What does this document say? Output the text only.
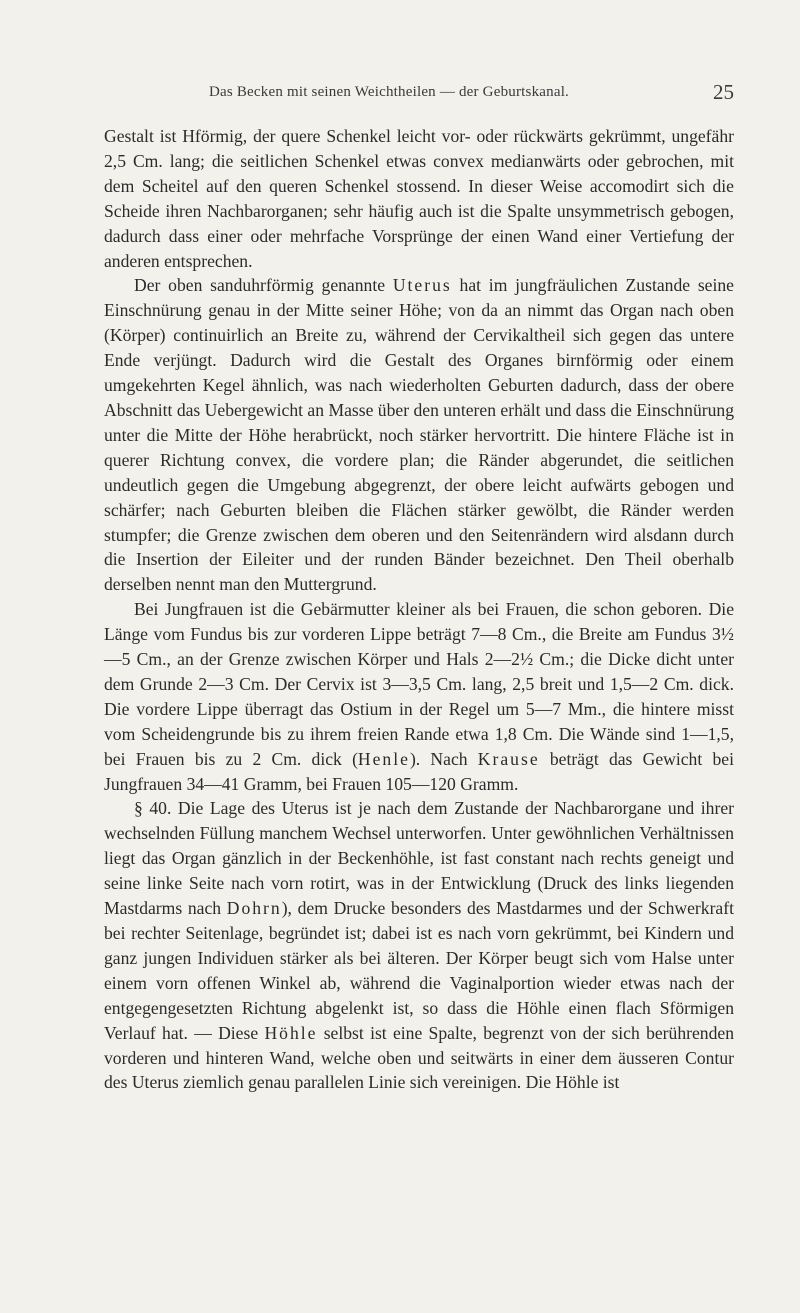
Das Becken mit seinen Weichtheilen — der Geburtskanal.	25

Gestalt ist Hförmig, der quere Schenkel leicht vor- oder rückwärts gekrümmt, ungefähr 2,5 Cm. lang; die seitlichen Schenkel etwas convex medianwärts oder gebrochen, mit dem Scheitel auf den queren Schenkel stossend. In dieser Weise accomodirt sich die Scheide ihren Nachbarorganen; sehr häufig auch ist die Spalte unsymmetrisch gebogen, dadurch dass einer oder mehrfache Vorsprünge der einen Wand einer Vertiefung der anderen entsprechen.

Der oben sanduhrförmig genannte Uterus hat im jungfräulichen Zustande seine Einschnürung genau in der Mitte seiner Höhe; von da an nimmt das Organ nach oben (Körper) continuirlich an Breite zu, während der Cervikaltheil sich gegen das untere Ende verjüngt. Dadurch wird die Gestalt des Organes birnförmig oder einem umgekehrten Kegel ähnlich, was nach wiederholten Geburten dadurch, dass der obere Abschnitt das Uebergewicht an Masse über den unteren erhält und dass die Einschnürung unter die Mitte der Höhe herabrückt, noch stärker hervortritt. Die hintere Fläche ist in querer Richtung convex, die vordere plan; die Ränder abgerundet, die seitlichen undeutlich gegen die Umgebung abgegrenzt, der obere leicht aufwärts gebogen und schärfer; nach Geburten bleiben die Flächen stärker gewölbt, die Ränder werden stumpfer; die Grenze zwischen dem oberen und den Seitenrändern wird alsdann durch die Insertion der Eileiter und der runden Bänder bezeichnet. Den Theil oberhalb derselben nennt man den Muttergrund.

Bei Jungfrauen ist die Gebärmutter kleiner als bei Frauen, die schon geboren. Die Länge vom Fundus bis zur vorderen Lippe beträgt 7—8 Cm., die Breite am Fundus 3½—5 Cm., an der Grenze zwischen Körper und Hals 2—2½ Cm.; die Dicke dicht unter dem Grunde 2—3 Cm. Der Cervix ist 3—3,5 Cm. lang, 2,5 breit und 1,5—2 Cm. dick. Die vordere Lippe überragt das Ostium in der Regel um 5—7 Mm., die hintere misst vom Scheidengrunde bis zu ihrem freien Rande etwa 1,8 Cm. Die Wände sind 1—1,5, bei Frauen bis zu 2 Cm. dick (Henle). Nach Krause beträgt das Gewicht bei Jungfrauen 34—41 Gramm, bei Frauen 105—120 Gramm.

§ 40. Die Lage des Uterus ist je nach dem Zustande der Nachbarorgane und ihrer wechselnden Füllung manchem Wechsel unterworfen. Unter gewöhnlichen Verhältnissen liegt das Organ gänzlich in der Beckenhöhle, ist fast constant nach rechts geneigt und seine linke Seite nach vorn rotirt, was in der Entwicklung (Druck des links liegenden Mastdarms nach Dohrn), dem Drucke besonders des Mastdarmes und der Schwerkraft bei rechter Seitenlage, begründet ist; dabei ist es nach vorn gekrümmt, bei Kindern und ganz jungen Individuen stärker als bei älteren. Der Körper beugt sich vom Halse unter einem vorn offenen Winkel ab, während die Vaginalportion wieder etwas nach der entgegengesetzten Richtung abgelenkt ist, so dass die Höhle einen flach Sförmigen Verlauf hat. — Diese Höhle selbst ist eine Spalte, begrenzt von der sich berührenden vorderen und hinteren Wand, welche oben und seitwärts in einer dem äusseren Contur des Uterus ziemlich genau parallelen Linie sich vereinigen. Die Höhle ist
